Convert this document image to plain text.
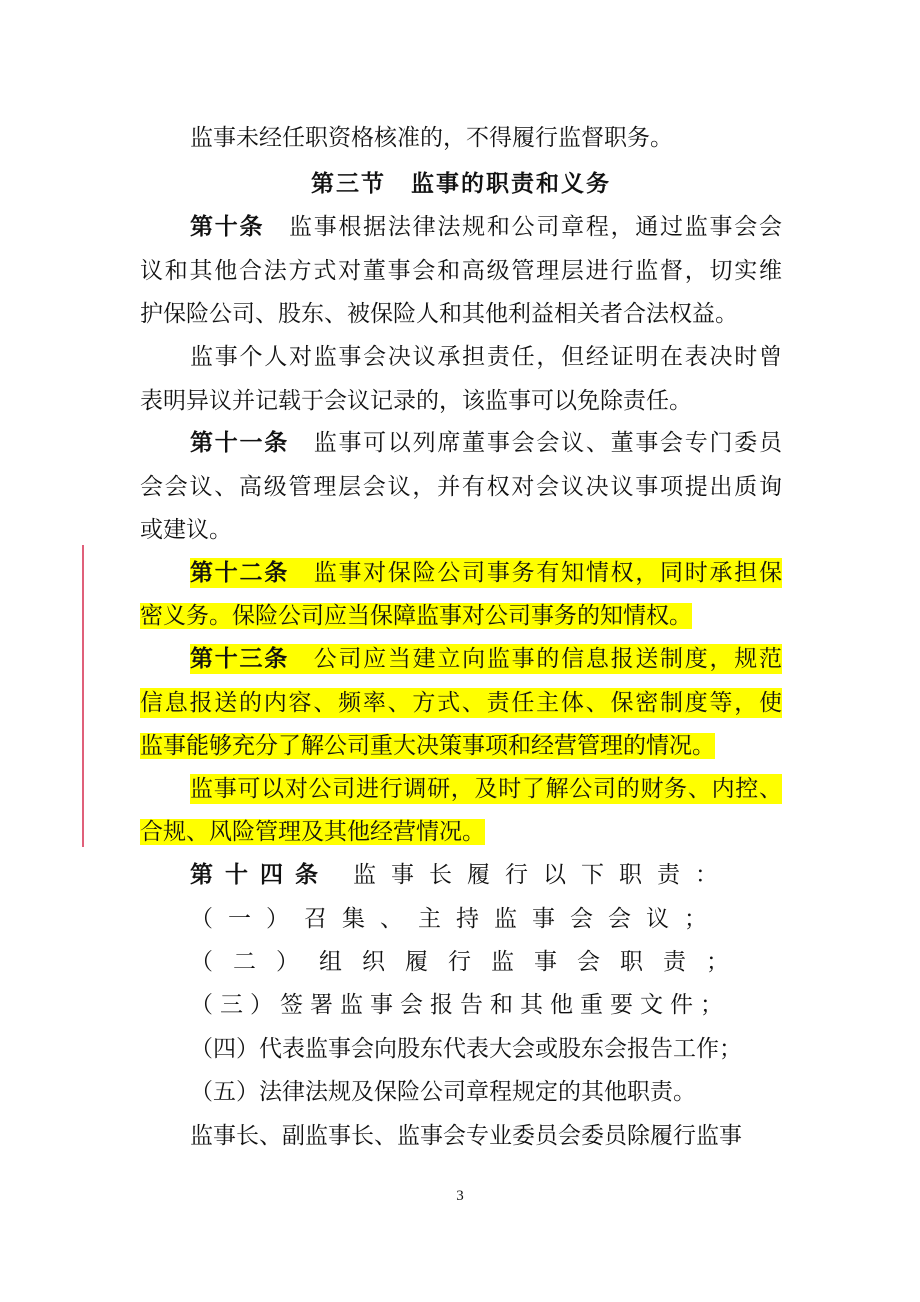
监事未经任职资格核准的，不得履行监督职务。
第三节　监事的职责和义务
第十条  监事根据法律法规和公司章程，通过监事会会
议和其他合法方式对董事会和高级管理层进行监督，切实维
护保险公司、股东、被保险人和其他利益相关者合法权益。
监事个人对监事会决议承担责任，但经证明在表决时曾
表明异议并记载于会议记录的，该监事可以免除责任。
第十一条  监事可以列席董事会会议、董事会专门委员
会会议、高级管理层会议，并有权对会议决议事项提出质询
或建议。
第十二条  监事对保险公司事务有知情权，同时承担保
密义务。保险公司应当保障监事对公司事务的知情权。
第十三条  公司应当建立向监事的信息报送制度，规范
信息报送的内容、频率、方式、责任主体、保密制度等，使
监事能够充分了解公司重大决策事项和经营管理的情况。
监事可以对公司进行调研，及时了解公司的财务、内控、
合规、风险管理及其他经营情况。
第十四条  监事长履行以下职责：
（一）召集、主持监事会会议；
（二）组织履行监事会职责；
（三）签署监事会报告和其他重要文件；
（四）代表监事会向股东代表大会或股东会报告工作；
（五）法律法规及保险公司章程规定的其他职责。
监事长、副监事长、监事会专业委员会委员除履行监事
3
